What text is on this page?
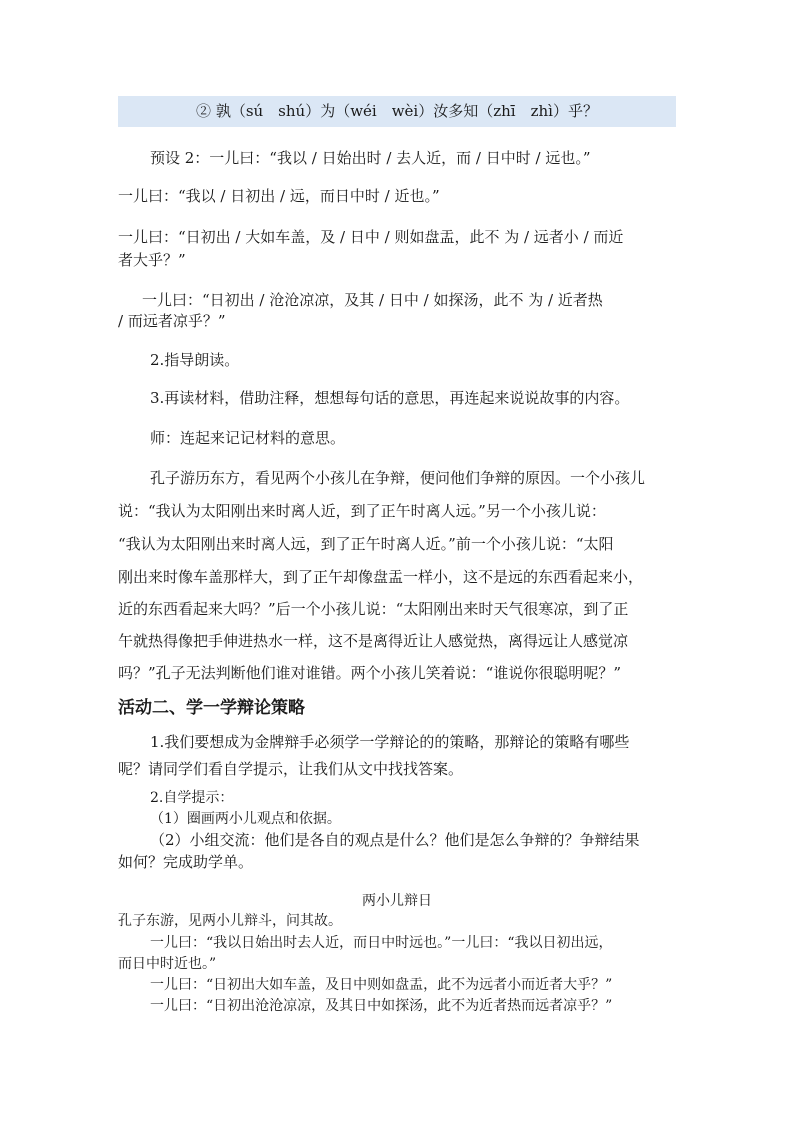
② 孰（sú　shú）为（wéi　wèi）汝多知（zhī　zhì）乎？
预设 2：一儿曰：“我以 / 日始出时 / 去人近，而 / 日中时 / 远也。”
一儿曰：“我以 / 日初出 / 远，而日中时 / 近也。”
一儿曰：“日初出 / 大如车盖，及 / 日中 / 则如盘盂，此不 为 / 远者小 / 而近
者大乎？”
一儿曰：“日初出 / 沧沧凉凉，及其 / 日中 / 如探汤，此不 为 / 近者热
/ 而远者凉乎？”
2.指导朗读。
3.再读材料，借助注释，想想每句话的意思，再连起来说说故事的内容。
师：连起来记记材料的意思。
孔子游历东方，看见两个小孩儿在争辩，便问他们争辩的原因。一个小孩儿
说：“我认为太阳刚出来时离人近，到了正午时离人远。”另一个小孩儿说：
“我认为太阳刚出来时离人远，到了正午时离人近。”前一个小孩儿说：“太阳
刚出来时像车盖那样大，到了正午却像盘盂一样小，这不是远的东西看起来小，
近的东西看起来大吗？”后一个小孩儿说：“太阳刚出来时天气很寒凉，到了正
午就热得像把手伸进热水一样，这不是离得近让人感觉热，离得远让人感觉凉
吗？”孔子无法判断他们谁对谁错。两个小孩儿笑着说：“谁说你很聪明呢？”
活动二、学一学辩论策略
1.我们要想成为金牌辩手必须学一学辩论的的策略，那辩论的策略有哪些
呢？请同学们看自学提示，让我们从文中找找答案。
2.自学提示：
（1）圈画两小儿观点和依据。
（2）小组交流：他们是各自的观点是什么？他们是怎么争辩的？争辩结果
如何？完成助学单。
两小儿辩日
孔子东游，见两小儿辩斗，问其故。
一儿曰：“我以日始出时去人近，而日中时远也。”一儿曰：“我以日初出远，
而日中时近也。”
一儿曰：“日初出大如车盖，及日中则如盘盂，此不为远者小而近者大乎？”
一儿曰：“日初出沧沧凉凉，及其日中如探汤，此不为近者热而远者凉乎？”
